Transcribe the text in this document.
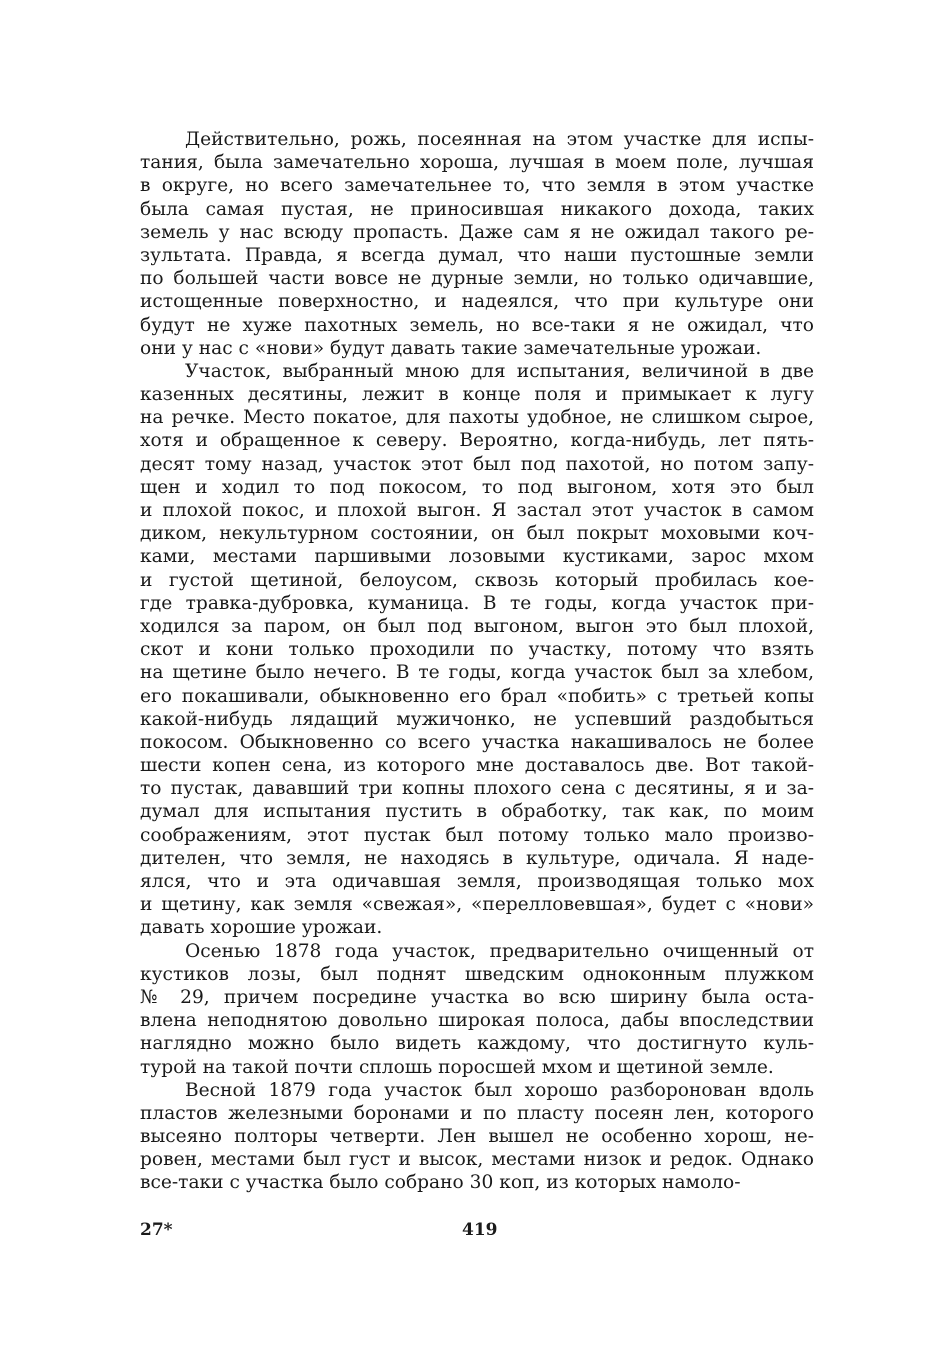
Действительно, рожь, посеянная на этом участке для испы-
тания, была замечательно хороша, лучшая в моем поле, лучшая
в округе, но всего замечательнее то, что земля в этом участке
была самая пустая, не приносившая никакого дохода, таких
земель у нас всюду пропасть. Даже сам я не ожидал такого ре-
зультата. Правда, я всегда думал, что наши пустошные земли
по большей части вовсе не дурные земли, но только одичавшие,
истощенные поверхностно, и надеялся, что при культуре они
будут не хуже пахотных земель, но все-таки я не ожидал, что
они у нас с «нови» будут давать такие замечательные урожаи.
Участок, выбранный мною для испытания, величиной в две
казенных десятины, лежит в конце поля и примыкает к лугу
на речке. Место покатое, для пахоты удобное, не слишком сырое,
хотя и обращенное к северу. Вероятно, когда-нибудь, лет пять-
десят тому назад, участок этот был под пахотой, но потом запу-
щен и ходил то под покосом, то под выгоном, хотя это был
и плохой покос, и плохой выгон. Я застал этот участок в самом
диком, некультурном состоянии, он был покрыт моховыми коч-
ками, местами паршивыми лозовыми кустиками, зарос мхом
и густой щетиной, белоусом, сквозь который пробилась кое-
где травка-дубровка, куманица. В те годы, когда участок при-
ходился за паром, он был под выгоном, выгон это был плохой,
скот и кони только проходили по участку, потому что взять
на щетине было нечего. В те годы, когда участок был за хлебом,
его покашивали, обыкновенно его брал «побить» с третьей копы
какой-нибудь лядащий мужичонко, не успевший раздобыться
покосом. Обыкновенно со всего участка накашивалось не более
шести копен сена, из которого мне доставалось две. Вот такой-
то пустак, дававший три копны плохого сена с десятины, я и за-
думал для испытания пустить в обработку, так как, по моим
соображениям, этот пустак был потому только мало произво-
дителен, что земля, не находясь в культуре, одичала. Я наде-
ялся, что и эта одичавшая земля, производящая только мох
и щетину, как земля «свежая», «перелловевшая», будет с «нови»
давать хорошие урожаи.
Осенью 1878 года участок, предварительно очищенный от
кустиков лозы, был поднят шведским одноконным плужком
№ 29, причем посредине участка во всю ширину была оста-
влена неподнятою довольно широкая полоса, дабы впоследствии
наглядно можно было видеть каждому, что достигнуто куль-
турой на такой почти сплошь поросшей мхом и щетиной земле.
Весной 1879 года участок был хорошо разборонован вдоль
пластов железными боронами и по пласту посеян лен, которого
высеяно полторы четверти. Лен вышел не особенно хорош, не-
ровен, местами был густ и высок, местами низок и редок. Однако
все-таки с участка было собрано 30 коп, из которых намоло-
27*	419
